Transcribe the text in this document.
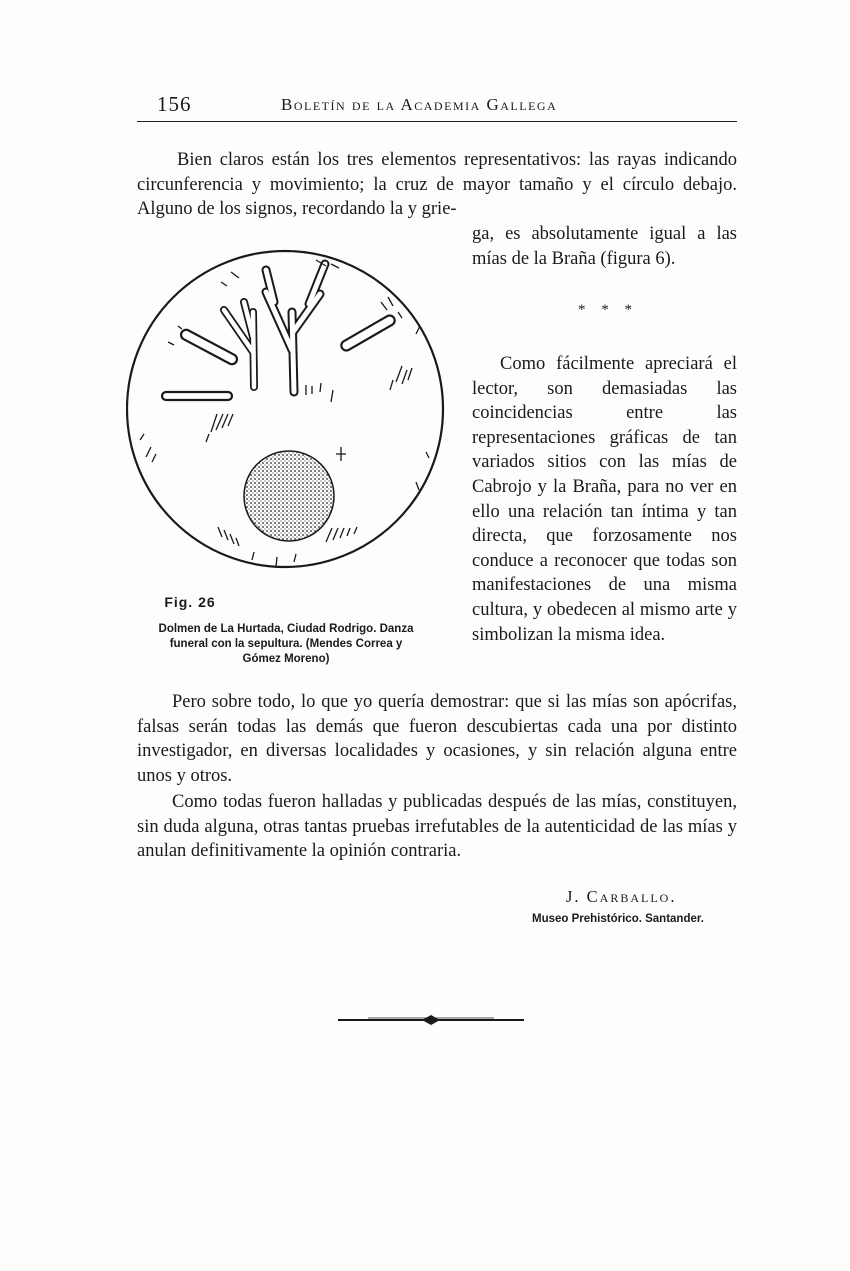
156	Boletín de la Academia Gallega

Bien claros están los tres elementos representativos: las rayas indicando circunferencia y movimiento; la cruz de mayor tamaño y el círculo debajo. Alguno de los signos, recordando la y grie-

ga, es absolutamente igual a las mías de la Braña (figura 6).

* * *

Como fácilmente apreciará el lector, son demasiadas las coincidencias entre las representaciones gráficas de tan variados sitios con las mías de Cabrojo y la Braña, para no ver en ello una relación tan íntima y tan directa, que forzosamente nos conduce a reconocer que todas son manifestaciones de una misma cultura, y obedecen al mismo arte y simbolizan la misma idea.

Fig. 26
Dolmen de La Hurtada, Ciudad Rodrigo. Danza funeral con la sepultura. (Mendes Correa y Gómez Moreno)

Pero sobre todo, lo que yo quería demostrar: que si las mías son apócrifas, falsas serán todas las demás que fueron descubiertas cada una por distinto investigador, en diversas localidades y ocasiones, y sin relación alguna entre unos y otros.

Como todas fueron halladas y publicadas después de las mías, constituyen, sin duda alguna, otras tantas pruebas irrefutables de la autenticidad de las mías y anulan definitivamente la opinión contraria.

J. Carballo.
Museo Prehistórico. Santander.
